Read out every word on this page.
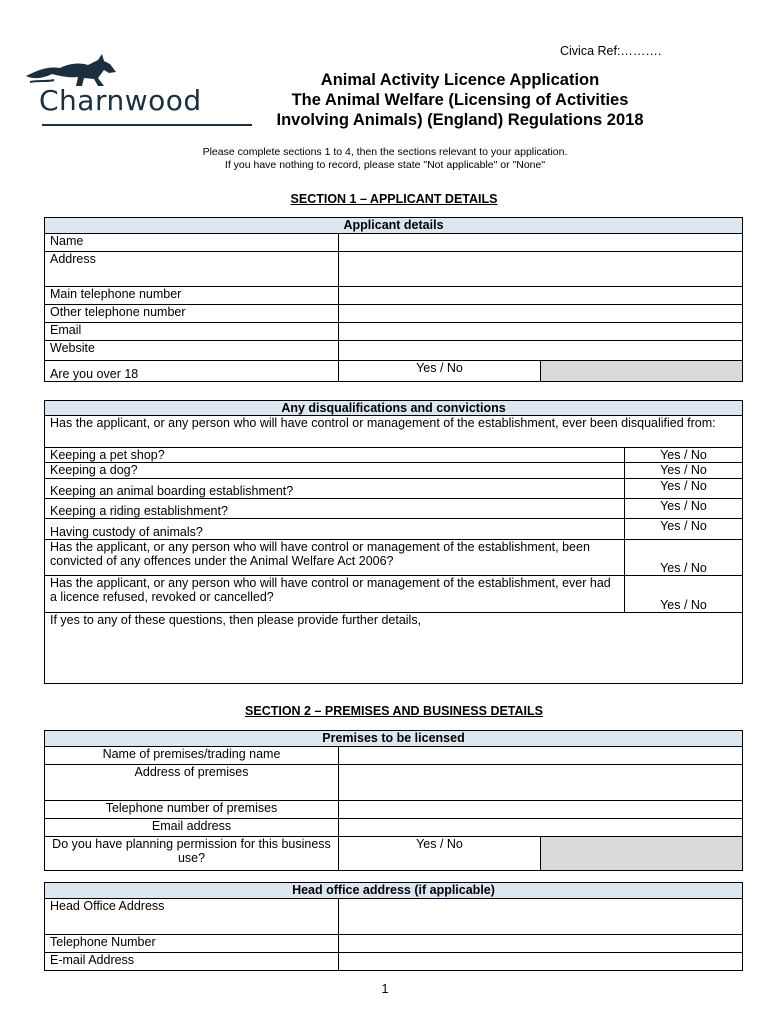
Civica Ref:……….
Charnwood
Animal Activity Licence Application
The Animal Welfare (Licensing of Activities
Involving Animals) (England) Regulations 2018
Please complete sections 1 to 4, then the sections relevant to your application.
If you have nothing to record, please state "Not applicable" or "None"
SECTION 1 – APPLICANT DETAILS
Applicant details		
Name		
Address		
Main telephone number		
Other telephone number		
Email		
Website		
Are you over 18	Yes / No	
Any disqualifications and convictions	
Has the applicant, or any person who will have control or management of the establishment, ever been disqualified from:	
Keeping a pet shop?	Yes / No
Keeping a dog?	Yes / No
Keeping an animal boarding establishment?	Yes / No
Keeping a riding establishment?	Yes / No
Having custody of animals?	Yes / No
Has the applicant, or any person who will have control or management of the establishment, been convicted of any offences under the Animal Welfare Act 2006?	Yes / No
Has the applicant, or any person who will have control or management of the establishment, ever had a licence refused, revoked or cancelled?	Yes / No
If yes to any of these questions, then please provide further details,	
SECTION 2 – PREMISES AND BUSINESS DETAILS
Premises to be licensed		
Name of premises/trading name		
Address of premises		
Telephone number of premises		
Email address		
Do you have planning permission for this business use?	Yes / No	
Head office address (if applicable)	
Head Office Address	
Telephone Number	
E-mail Address	
1
